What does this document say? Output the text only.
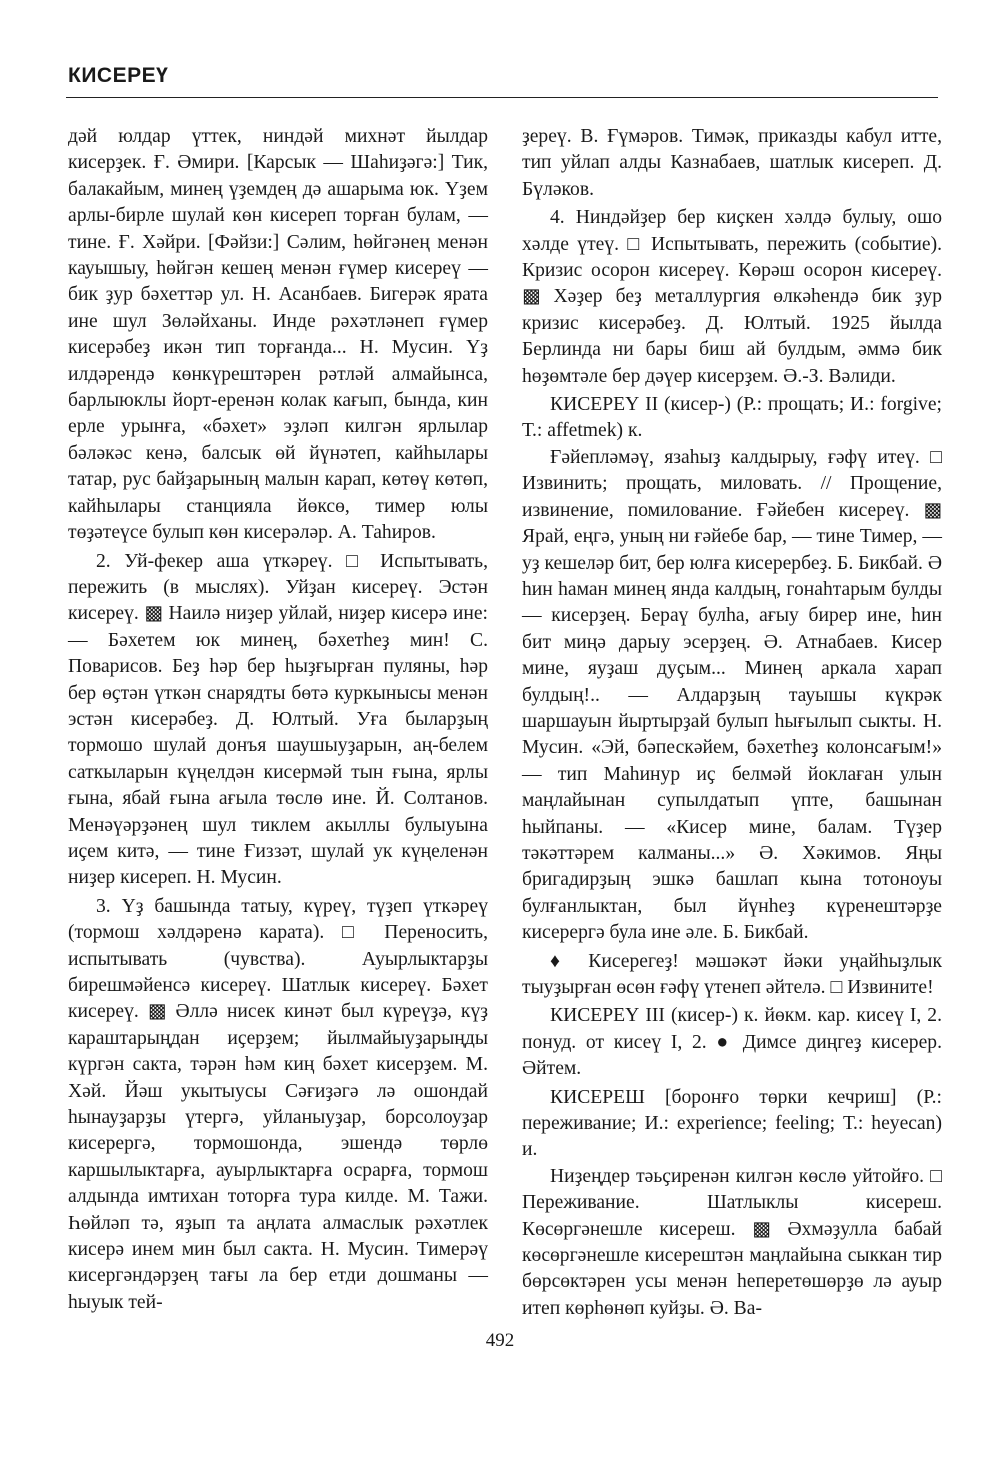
КИСЕРЕҮ

дәй юлдар үттек, ниндәй михнәт йылдар кисерҙек. Ғ. Әмири. [Карсык — Шаһиҙәгә:] Тик, балакайым, минең үҙемдең дә ашарыма юк. Үҙем арлы-бирле шулай көн кисереп торған булам, — тине. Ғ. Хәйри. [Фәйзи:] Сәлим, һөйгәнең менән кауышыу, һөйгән кешең менән ғүмер кисереү — бик ҙур бәхеттәр ул. Н. Асанбаев. Бигерәк ярата ине шул Зөләйханы. Инде рәхәтләнеп ғүмер кисерәбеҙ икән тип торғанда... Н. Мусин. Үҙ илдәрендә көнкүрештәрен рәтләй алмайынса, барлыюклы йорт-еренән колак кағып, бында, кин ерле урынға, «бәхет» эҙләп килгән ярлылар бәләкәс кенә, балсык өй йүнәтеп, кайһылары татар, рус байҙарының малын карап, көтөү көтөп, кайһылары станцияла йөксө, тимер юлы төҙәтеүсе булып көн кисерәләр. А. Таһиров.

2. Уй-фекер аша үткәреү. □ Испытывать, пережить (в мыслях). Уйҙан кисереү. Эстән кисереү. ▩ Наилә ниҙер уйлай, ниҙер кисерә ине: — Бәхетем юк минең, бәхетһеҙ мин! С. Поварисов. Беҙ һәр бер һыҙғырған пуляны, һәр бер өҫтән үткән снарядты бөтә куркынысы менән эстән кисерәбеҙ. Д. Юлтый. Уға быларҙың тормошо шулай донъя шаушыуҙарын, аң-белем саткыларын күңелдән кисермәй тын ғына, ярлы ғына, ябай ғына ағыла төслө ине. Й. Солтанов. Менәүәрҙәнең шул тиклем акыллы булыуына иҫем китә, — тине Ғиззәт, шулай ук күңеленән ниҙер кисереп. Н. Мусин.

3. Үҙ башында татыу, күреү, түҙеп үткәреү (тормош хәлдәренә карата). □ Переносить, испытывать (чувства). Ауырлыктарҙы бирешмәйенсә кисереү. Шатлык кисереү. Бәхет кисереү. ▩ Әллә нисек кинәт был күреүҙә, күҙ караштарыңдан иҫерҙем; йылмайыуҙарыңды күргән сакта, тәрән һәм киң бәхет кисерҙем. М. Хәй. Йәш укытыусы Сәғиҙәгә лә ошондай һынауҙарҙы үтергә, уйланыуҙар, борсолоуҙар кисерергә, тормошонда, эшендә төрлө каршылыктарға, ауырлыктарға осрарға, тормош алдында имтихан тоторға тура килде. М. Тажи. Һөйләп тә, яҙып та аңлата алмаслык рәхәтлек кисерә инем мин был сакта. Н. Мусин. Тимерәү кисергәндәрҙең тағы ла бер етди дошманы — һыуык тей-

ҙереү. В. Ғүмәров. Тимәк, приказды кабул итте, тип уйлап алды Казнабаев, шатлык кисереп. Д. Бүләков.

4. Ниндәйҙер бер киҫкен хәлдә булыу, ошо хәлде үтеү. □ Испытывать, пережить (событие). Кризис осорон кисереү. Көрәш осорон кисереү. ▩ Хәҙер беҙ металлургия өлкәһендә бик ҙур кризис кисерәбеҙ. Д. Юлтый. 1925 йылда Берлинда ни бары биш ай булдым, әммә бик һөҙөмтәле бер дәүер кисерҙем. Ә.-З. Вәлиди.

КИСЕРЕҮ II (кисер-) (Р.: прощать; И.: forgive; Т.: affetmek) к.

Ғәйепләмәү, язаһыҙ калдырыу, ғәфү итеү. □ Извинить; прощать, миловать. // Прощение, извинение, помилование. Ғәйебен кисереү. ▩ Ярай, еңгә, уның ни ғәйебе бар, — тине Тимер, — уҙ кешеләр бит, бер юлға кисерербеҙ. Б. Бикбай. Ә һин һаман минең янда калдың, гонаһтарым булды — кисерҙең. Бераү булһа, ағыу бирер ине, һин бит миңә дарыу эсерҙең. Ә. Атнабаев. Кисер мине, яуҙаш дуҫым... Минең аркала харап булдың!.. — Алдарҙың тауышы күкрәк шаршауын йыртырҙай булып һығылып сыкты. Н. Мусин. «Эй, бәпескәйем, бәхетһеҙ колонсағым!» — тип Маһинур иҫ белмәй йоклаған улын маңлайынан супылдатып үпте, башынан һыйпаны. — «Кисер мине, балам. Түҙер тәкәттәрем калманы...» Ә. Хәкимов. Яңы бригадирҙың эшкә башлап кына тотоноуы булғанлыктан, был йүнһеҙ күренештәрҙе кисерергә була ине әле. Б. Бикбай.

♦ Кисерегеҙ! мәшәкәт йәки уңайһыҙлык тыуҙырған өсөн ғәфү үтенеп әйтелә. □ Извините!

КИСЕРЕҮ III (кисер-) к. йөкм. кар. кисеү I, 2. понуд. от кисеү I, 2. ● Димсе диңгеҙ кисерер. Әйтем.

КИСЕРЕШ [боронғо төрки кечриш] (Р.: переживание; И.: experience; feeling; Т.: heyecan) и.

Ниҙеңдер тәьҫиренән килгән көслө уйтойғо. □ Переживание. Шатлыклы кисереш. Көсөргәнешле кисереш. ▩ Әхмәҙулла бабай көсөргәнешле кисерештән маңлайына сыккан тир бөрсөктәрен усы менән һеперетөшөрҙө лә ауыр итеп көрһөнөп куйҙы. Ә. Ва-

492
